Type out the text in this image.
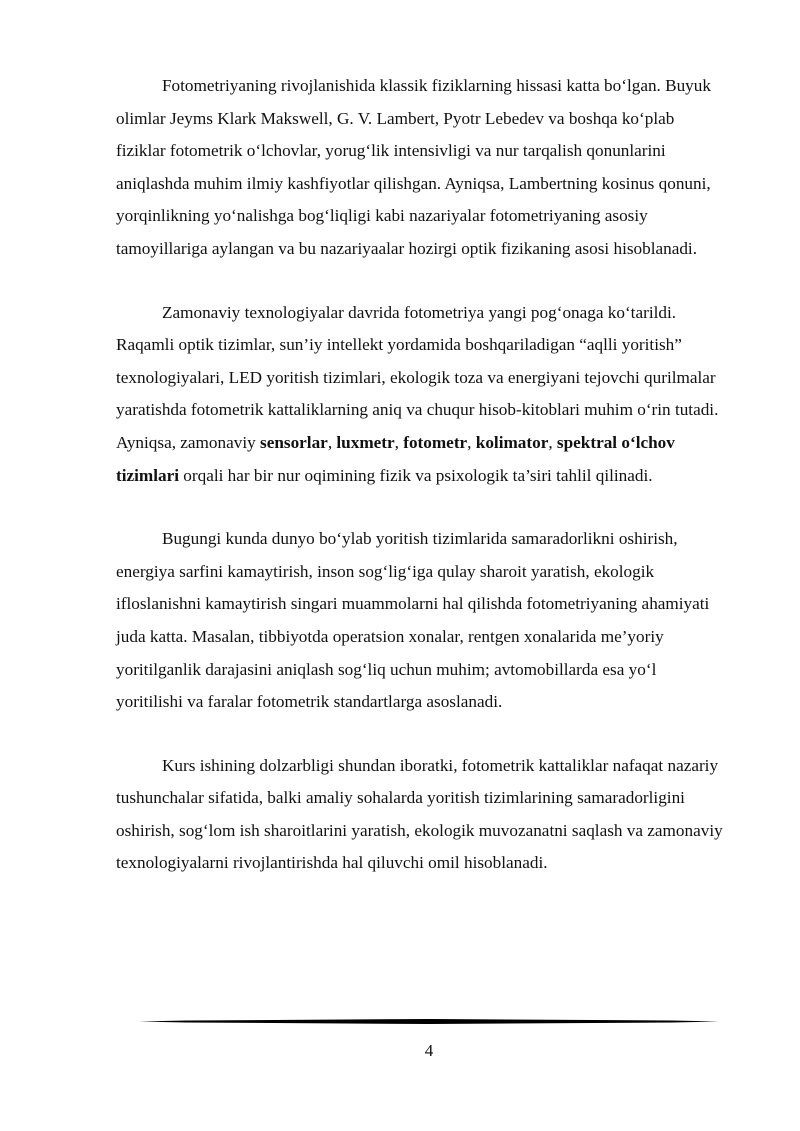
Fotometriyaning rivojlanishida klassik fiziklarning hissasi katta bo‘lgan. Buyuk olimlar Jeyms Klark Makswell, G. V. Lambert, Pyotr Lebedev va boshqa ko‘plab fiziklar fotometrik o‘lchovlar, yorug‘lik intensivligi va nur tarqalish qonunlarini aniqlashda muhim ilmiy kashfiyotlar qilishgan. Ayniqsa, Lambertning kosinus qonuni, yorqinlikning yo‘nalishga bog‘liqligi kabi nazariyalar fotometriyaning asosiy tamoyillariga aylangan va bu nazariyaalar hozirgi optik fizikaning asosi hisoblanadi.

Zamonaviy texnologiyalar davrida fotometriya yangi pog‘onaga ko‘tarildi. Raqamli optik tizimlar, sun’iy intellekt yordamida boshqariladigan “aqlli yoritish” texnologiyalari, LED yoritish tizimlari, ekologik toza va energiyani tejovchi qurilmalar yaratishda fotometrik kattaliklarning aniq va chuqur hisob-kitoblari muhim o‘rin tutadi. Ayniqsa, zamonaviy sensorlar, luxmetr, fotometr, kolimator, spektral o‘lchov tizimlari orqali har bir nur oqimining fizik va psixologik ta’siri tahlil qilinadi.

Bugungi kunda dunyo bo‘ylab yoritish tizimlarida samaradorlikni oshirish, energiya sarfini kamaytirish, inson sog‘lig‘iga qulay sharoit yaratish, ekologik ifloslanishni kamaytirish singari muammolarni hal qilishda fotometriyaning ahamiyati juda katta. Masalan, tibbiyotda operatsion xonalar, rentgen xonalarida me’yoriy yoritilganlik darajasini aniqlash sog‘liq uchun muhim; avtomobillarda esa yo‘l yoritilishi va faralar fotometrik standartlarga asoslanadi.

Kurs ishining dolzarbligi shundan iboratki, fotometrik kattaliklar nafaqat nazariy tushunchalar sifatida, balki amaliy sohalarda yoritish tizimlarining samaradorligini oshirish, sog‘lom ish sharoitlarini yaratish, ekologik muvozanatni saqlash va zamonaviy texnologiyalarni rivojlantirishda hal qiluvchi omil hisoblanadi.

4
